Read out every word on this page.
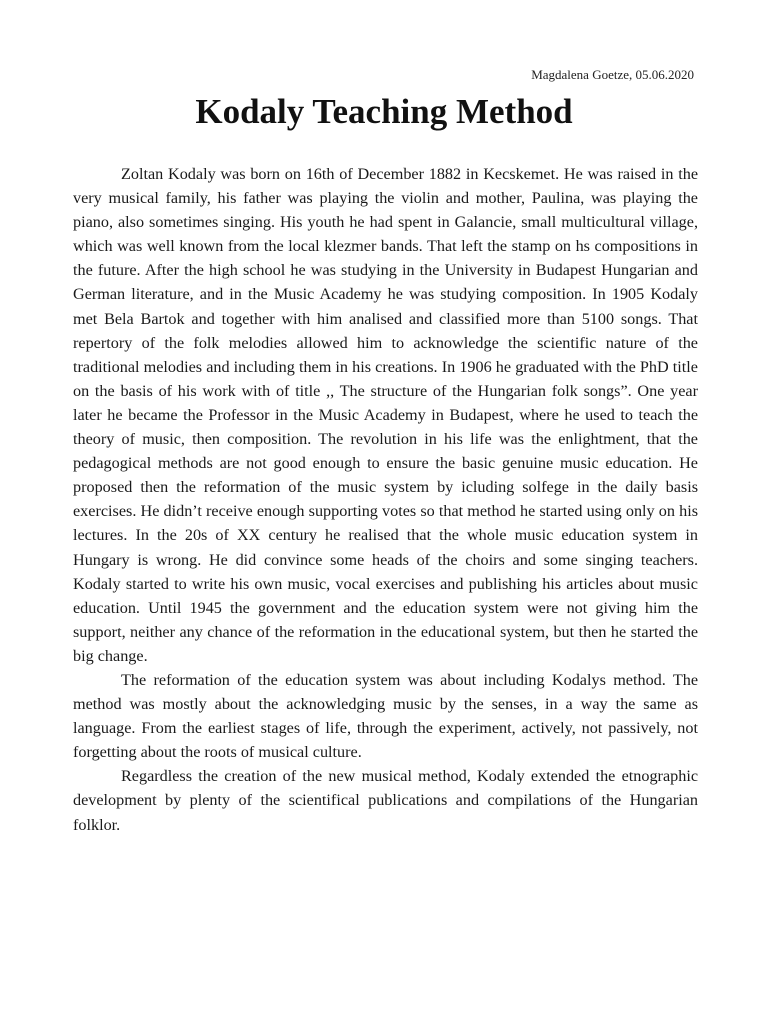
Magdalena Goetze, 05.06.2020
Kodaly Teaching Method

Zoltan Kodaly was born on 16th of December 1882 in Kecskemet. He was raised in the very musical family, his father was playing the violin and mother, Paulina, was playing the piano, also sometimes singing. His youth he had spent in Galancie, small multicultural village, which was well known from the local klezmer bands. That left the stamp on hs compositions in the future. After the high school he was studying in the University in Budapest Hungarian and German literature, and in the Music Academy he was studying composition. In 1905 Kodaly met Bela Bartok and together with him analised and classified more than 5100 songs. That repertory of the folk melodies allowed him to acknowledge the scientific nature of the traditional melodies and including them in his creations. In 1906 he graduated with the PhD title on the basis of his work with of title ,, The structure of the Hungarian folk songs”. One year later he became the Professor in the Music Academy in Budapest, where he used to teach the theory of music, then composition. The revolution in his life was the enlightment, that the pedagogical methods are not good enough to ensure the basic genuine music education. He proposed then the reformation of the music system by icluding solfege in the daily basis exercises. He didn’t receive enough supporting votes so that method he started using only on his lectures. In the 20s of XX century he realised that the whole music education system in Hungary is wrong. He did convince some heads of the choirs and some singing teachers. Kodaly started to write his own music, vocal exercises and publishing his articles about music education. Until 1945 the government and the education system were not giving him the support, neither any chance of the reformation in the educational system, but then he started the big change.

The reformation of the education system was about including Kodalys method. The method was mostly about the acknowledging music by the senses, in a way the same as language. From the earliest stages of life, through the experiment, actively, not passively, not forgetting about the roots of musical culture.

Regardless the creation of the new musical method, Kodaly extended the etnographic development by plenty of the scientifical publications and compilations of the Hungarian folklor.
